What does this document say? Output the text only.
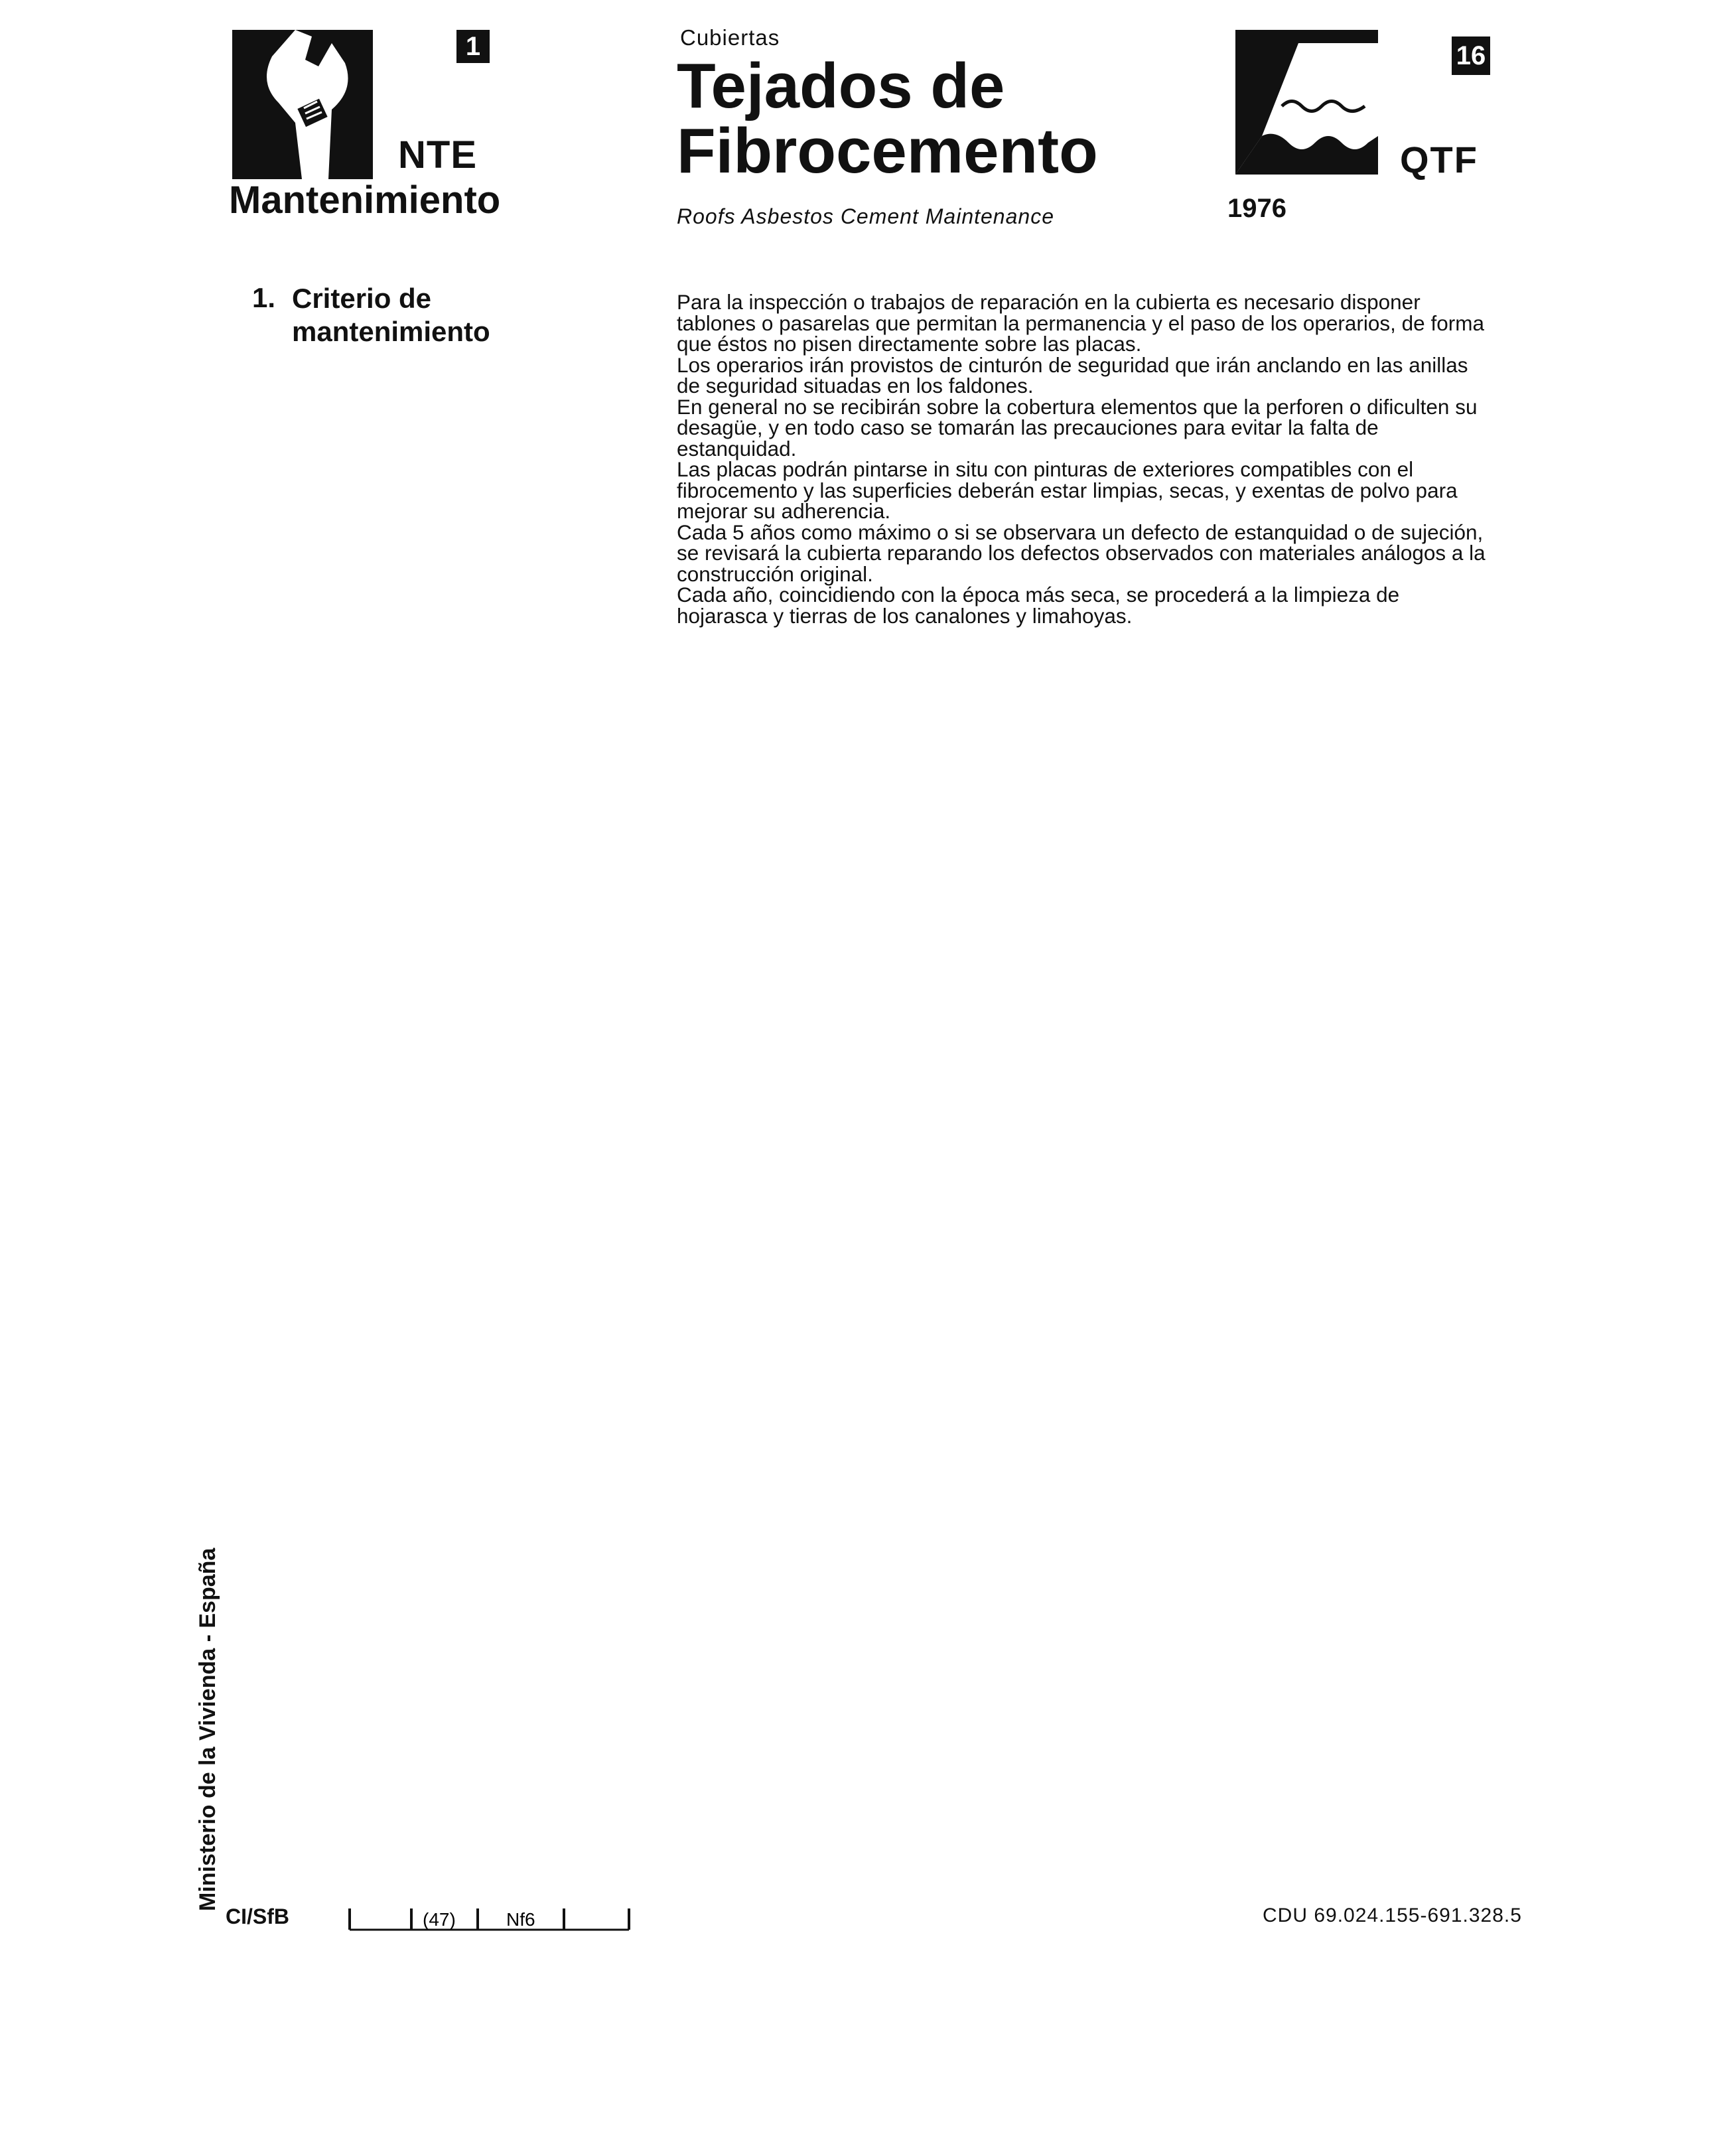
1
NTE
Mantenimiento
Cubiertas
Tejados de
Fibrocemento
Roofs Asbestos Cement Maintenance
16
QTF
1976
1. Criterio de mantenimiento

Para la inspección o trabajos de reparación en la cubierta es necesario disponer tablones o pasarelas que permitan la permanencia y el paso de los operarios, de forma que éstos no pisen directamente sobre las placas.

Los operarios irán provistos de cinturón de seguridad que irán anclando en las anillas de seguridad situadas en los faldones.

En general no se recibirán sobre la cobertura elementos que la perforen o dificulten su desagüe, y en todo caso se tomarán las precauciones para evitar la falta de estanquidad.

Las placas podrán pintarse in situ con pinturas de exteriores compatibles con el fibrocemento y las superficies deberán estar limpias, secas, y exentas de polvo para mejorar su adherencia.

Cada 5 años como máximo o si se observara un defecto de estanquidad o de sujeción, se revisará la cubierta reparando los defectos observados con materiales análogos a la construcción original.

Cada año, coincidiendo con la época más seca, se procederá a la limpieza de hojarasca y tierras de los canalones y limahoyas.

Ministerio de la Vivienda - España
CI/SfB	(47)	Nf6	CDU 69.024.155-691.328.5
